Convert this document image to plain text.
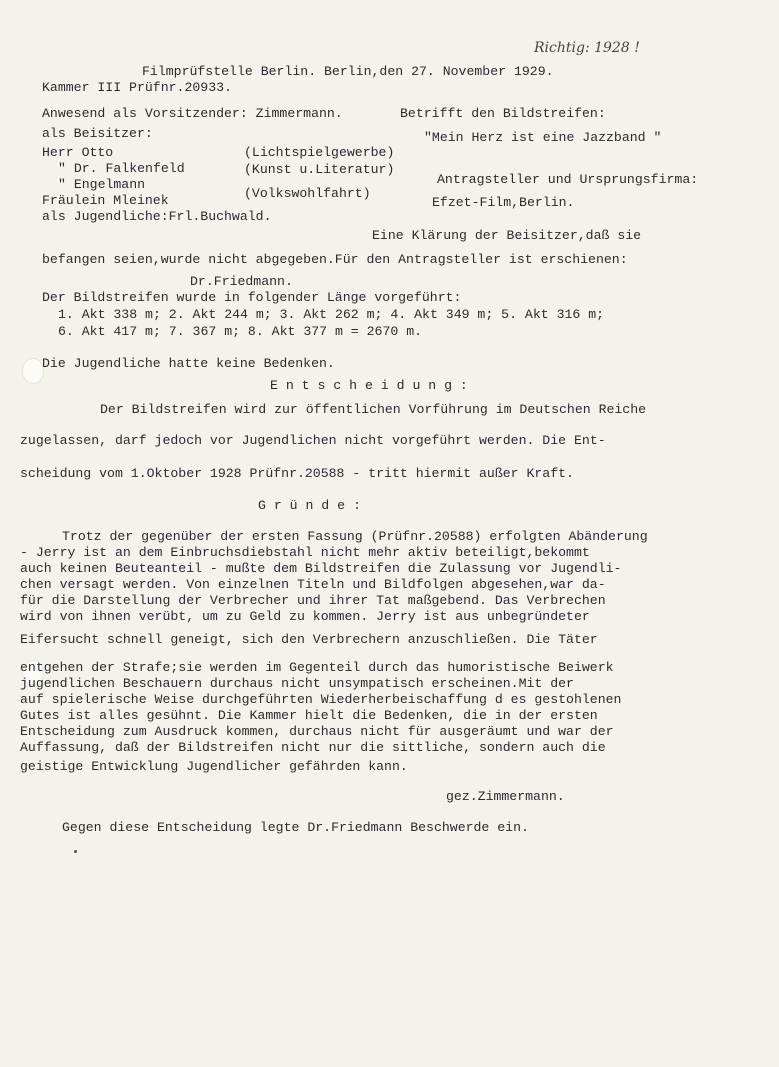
Richtig: 1928 !
Filmprüfstelle Berlin. Berlin,den 27. November 1929.
Kammer III Prüfnr.20933.
Anwesend als Vorsitzender: Zimmermann.	Betrifft den Bildstreifen:
als Beisitzer:	"Mein Herz ist eine Jazzband "
Herr Otto	(Lichtspielgewerbe)
" Dr. Falkenfeld	(Kunst u.Literatur)
Antragsteller und Ursprungsfirma:
" Engelmann
Fräulein Mleinek	(Volkswohlfahrt)
Efzet-Film,Berlin.
als Jugendliche:Frl.Buchwald.
Eine Klärung der Beisitzer,daß sie
befangen seien,wurde nicht abgegeben.Für den Antragsteller ist erschienen:
Dr.Friedmann.
Der Bildstreifen wurde in folgender Länge vorgeführt:
1. Akt 338 m; 2. Akt 244 m; 3. Akt 262 m; 4. Akt 349 m; 5. Akt 316 m;
6. Akt 417 m; 7. 367 m; 8. Akt 377 m = 2670 m.
Die Jugendliche hatte keine Bedenken.
E n t s c h e i d u n g :
Der Bildstreifen wird zur öffentlichen Vorführung im Deutschen Reiche
zugelassen, darf jedoch vor Jugendlichen nicht vorgeführt werden. Die Ent-
scheidung vom 1.Oktober 1928 Prüfnr.20588 - tritt hiermit außer Kraft.
G r ü n d e :
Trotz der gegenüber der ersten Fassung (Prüfnr.20588) erfolgten Abänderung
- Jerry ist an dem Einbruchsdiebstahl nicht mehr aktiv beteiligt,bekommt
auch keinen Beuteanteil - mußte dem Bildstreifen die Zulassung vor Jugendli-
chen versagt werden. Von einzelnen Titeln und Bildfolgen abgesehen,war da-
für die Darstellung der Verbrecher und ihrer Tat maßgebend. Das Verbrechen
wird von ihnen verübt, um zu Geld zu kommen. Jerry ist aus unbegründeter
Eifersucht schnell geneigt, sich den Verbrechern anzuschließen. Die Täter
entgehen der Strafe;sie werden im Gegenteil durch das humoristische Beiwerk
jugendlichen Beschauern durchaus nicht unsympatisch erscheinen.Mit der
auf spielerische Weise durchgeführten Wiederherbeischaffung d es gestohlenen
Gutes ist alles gesühnt. Die Kammer hielt die Bedenken, die in der ersten
Entscheidung zum Ausdruck kommen, durchaus nicht für ausgeräumt und war der
Auffassung, daß der Bildstreifen nicht nur die sittliche, sondern auch die
geistige Entwicklung Jugendlicher gefährden kann.
gez.Zimmermann.
Gegen diese Entscheidung legte Dr.Friedmann Beschwerde ein.
